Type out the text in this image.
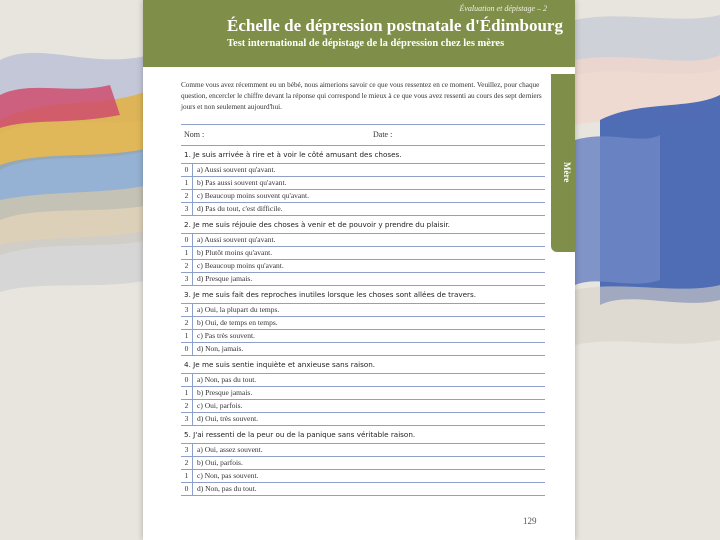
Évaluation et dépistage – 2
Échelle de dépression postnatale d'Édimbourg
Test international de dépistage de la dépression chez les mères
Mère
Comme vous avez récemment eu un bébé, nous aimerions savoir ce que vous ressentez en ce moment. Veuillez, pour chaque question, encercler le chiffre devant la réponse qui correspond le mieux à ce que vous avez ressenti au cours des sept derniers jours et non seulement aujourd'hui.
Nom :	Date :
1. Je suis arrivée à rire et à voir le côté amusant des choses.
0	a) Aussi souvent qu'avant.
1	b) Pas aussi souvent qu'avant.
2	c) Beaucoup moins souvent qu'avant.
3	d) Pas du tout, c'est difficile.
2. Je me suis réjouie des choses à venir et de pouvoir y prendre du plaisir.
0	a) Aussi souvent qu'avant.
1	b) Plutôt moins qu'avant.
2	c) Beaucoup moins qu'avant.
3	d) Presque jamais.
3. Je me suis fait des reproches inutiles lorsque les choses sont allées de travers.
3	a) Oui, la plupart du temps.
2	b) Oui, de temps en temps.
1	c) Pas très souvent.
0	d) Non, jamais.
4. Je me suis sentie inquiète et anxieuse sans raison.
0	a) Non, pas du tout.
1	b) Presque jamais.
2	c) Oui, parfois.
3	d) Oui, très souvent.
5. J'ai ressenti de la peur ou de la panique sans véritable raison.
3	a) Oui, assez souvent.
2	b) Oui, parfois.
1	c) Non, pas souvent.
0	d) Non, pas du tout.
129
